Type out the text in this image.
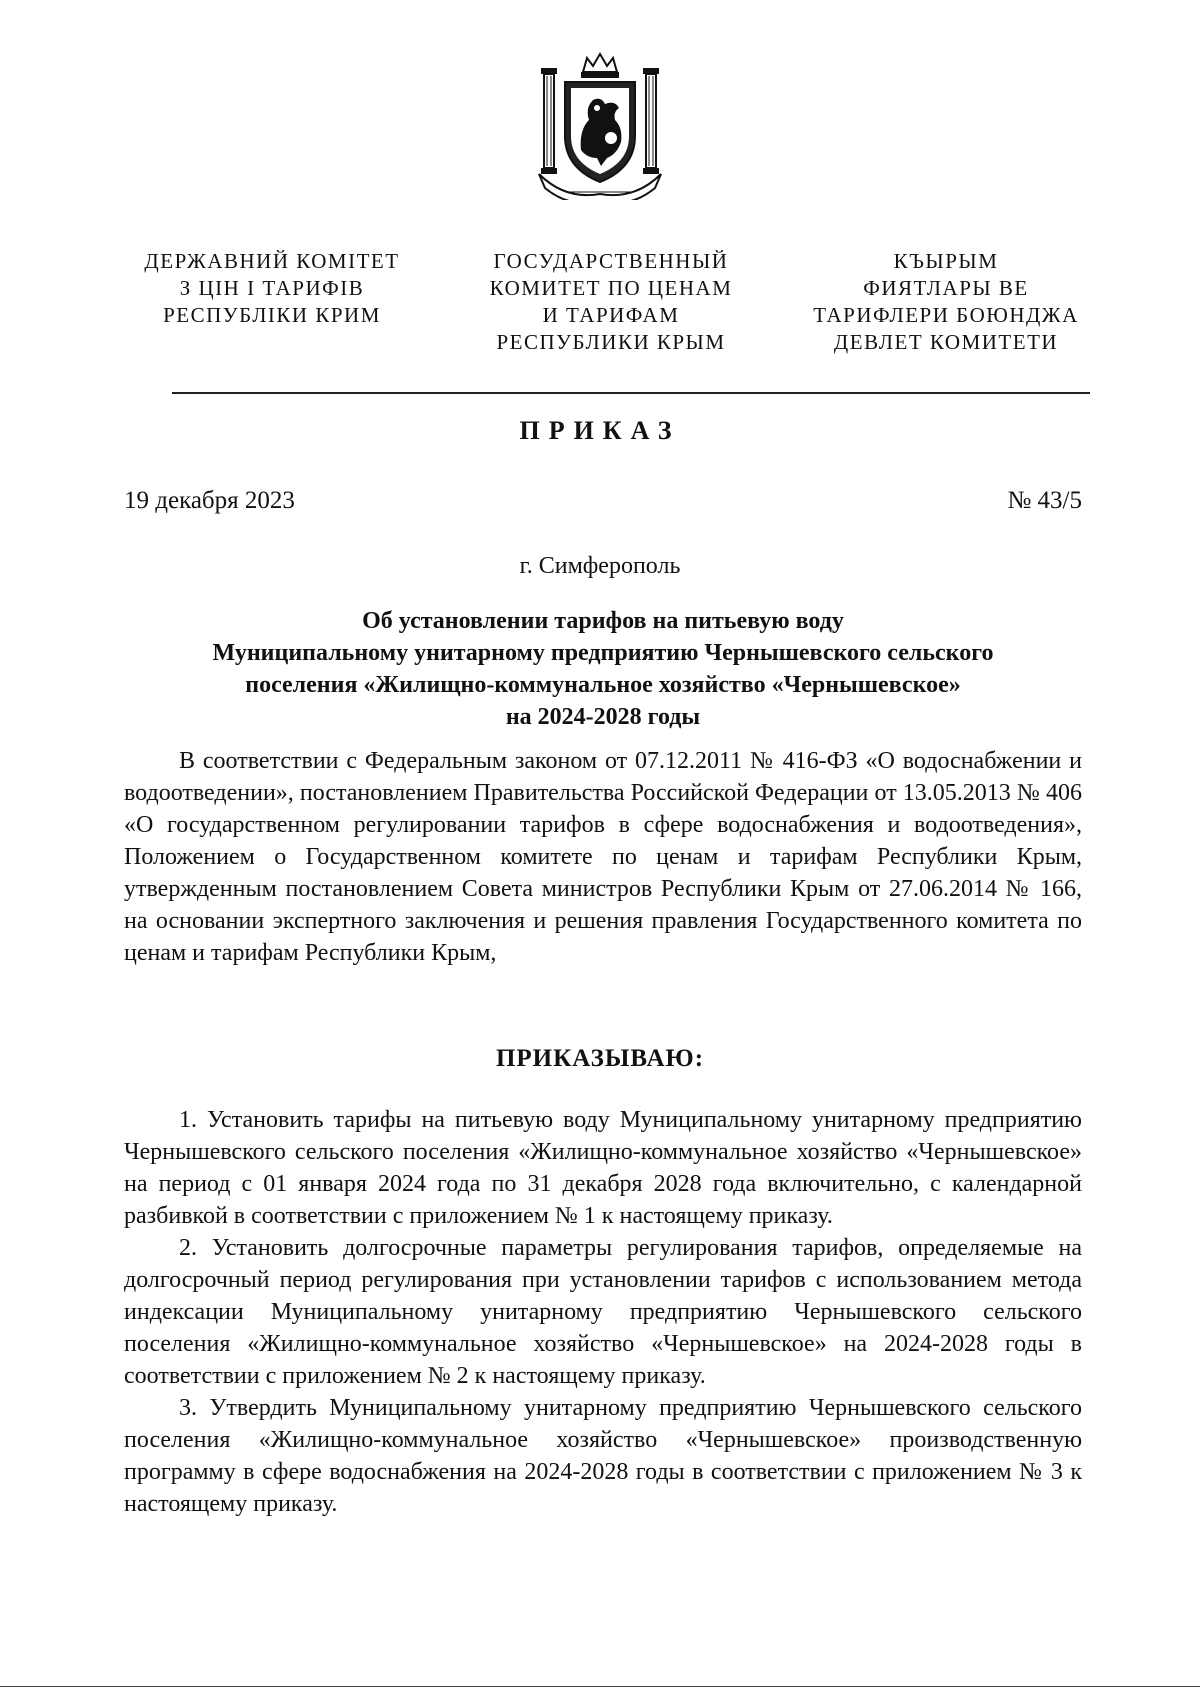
ДЕРЖАВНИЙ КОМІТЕТ
З ЦІН І ТАРИФІВ
РЕСПУБЛІКИ КРИМ
ГОСУДАРСТВЕННЫЙ
КОМИТЕТ ПО ЦЕНАМ
И ТАРИФАМ
РЕСПУБЛИКИ КРЫМ
КЪЫРЫМ
ФИЯТЛАРЫ ВЕ
ТАРИФЛЕРИ БОЮНДЖА
ДЕВЛЕТ КОМИТЕТИ
ПРИКАЗ
19 декабря 2023	№ 43/5
г. Симферополь
Об установлении тарифов на питьевую воду
Муниципальному унитарному предприятию Чернышевского сельского
поселения «Жилищно-коммунальное хозяйство «Чернышевское»
на 2024-2028 годы
В соответствии с Федеральным законом от 07.12.2011 № 416-ФЗ «О водоснабжении и водоотведении», постановлением Правительства Российской Федерации от 13.05.2013 № 406 «О государственном регулировании тарифов в сфере водоснабжения и водоотведения», Положением о Государственном комитете по ценам и тарифам Республики Крым, утвержденным постановлением Совета министров Республики Крым от 27.06.2014 № 166, на основании экспертного заключения и решения правления Государственного комитета по ценам и тарифам Республики Крым,
ПРИКАЗЫВАЮ:

1. Установить тарифы на питьевую воду Муниципальному унитарному предприятию Чернышевского сельского поселения «Жилищно-коммунальное хозяйство «Чернышевское» на период с 01 января 2024 года по 31 декабря 2028 года включительно, с календарной разбивкой в соответствии с приложением № 1 к настоящему приказу.

2. Установить долгосрочные параметры регулирования тарифов, определяемые на долгосрочный период регулирования при установлении тарифов с использованием метода индексации Муниципальному унитарному предприятию Чернышевского сельского поселения «Жилищно-коммунальное хозяйство «Чернышевское» на 2024-2028 годы в соответствии с приложением № 2 к настоящему приказу.

3. Утвердить Муниципальному унитарному предприятию Чернышевского сельского поселения «Жилищно-коммунальное хозяйство «Чернышевское» производственную программу в сфере водоснабжения на 2024-2028 годы в соответствии с приложением № 3 к настоящему приказу.
